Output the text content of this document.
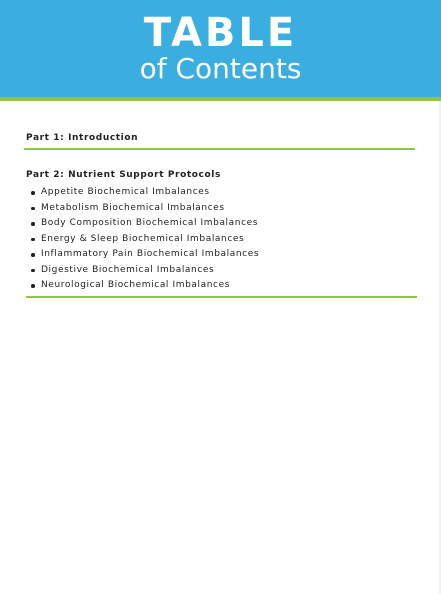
TABLE
of Contents
Part 1: Introduction
Part 2: Nutrient Support Protocols
Appetite Biochemical Imbalances
Metabolism Biochemical Imbalances
Body Composition Biochemical Imbalances
Energy & Sleep Biochemical Imbalances
Inflammatory Pain Biochemical Imbalances
Digestive Biochemical Imbalances
Neurological Biochemical Imbalances
